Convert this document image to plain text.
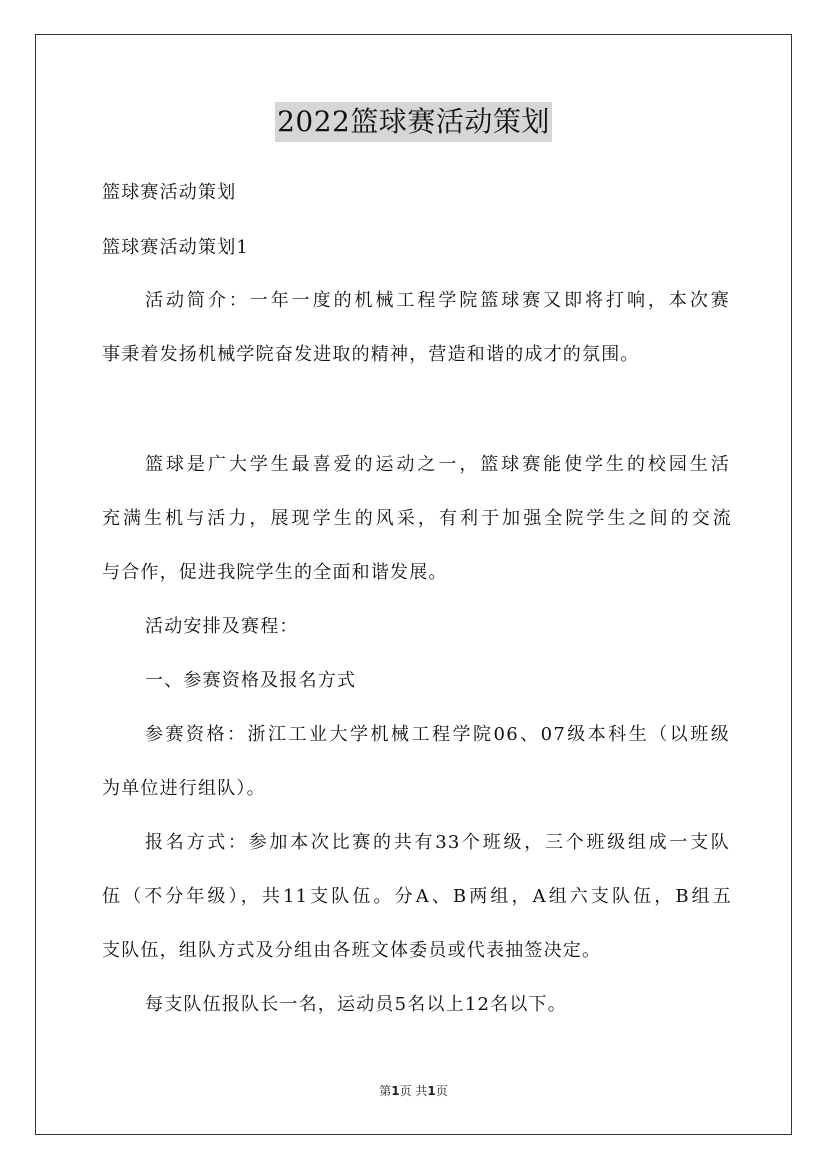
2022篮球赛活动策划
篮球赛活动策划
篮球赛活动策划1
活动简介：一年一度的机械工程学院篮球赛又即将打响，本次赛
事秉着发扬机械学院奋发进取的精神，营造和谐的成才的氛围。
篮球是广大学生最喜爱的运动之一，篮球赛能使学生的校园生活
充满生机与活力，展现学生的风采，有利于加强全院学生之间的交流
与合作，促进我院学生的全面和谐发展。
活动安排及赛程：
一、参赛资格及报名方式
参赛资格：浙江工业大学机械工程学院06、07级本科生（以班级
为单位进行组队）。
报名方式：参加本次比赛的共有33个班级，三个班级组成一支队
伍（不分年级），共11支队伍。分A、B两组，A组六支队伍，B组五
支队伍，组队方式及分组由各班文体委员或代表抽签决定。
每支队伍报队长一名，运动员5名以上12名以下。
第1页 共1页
